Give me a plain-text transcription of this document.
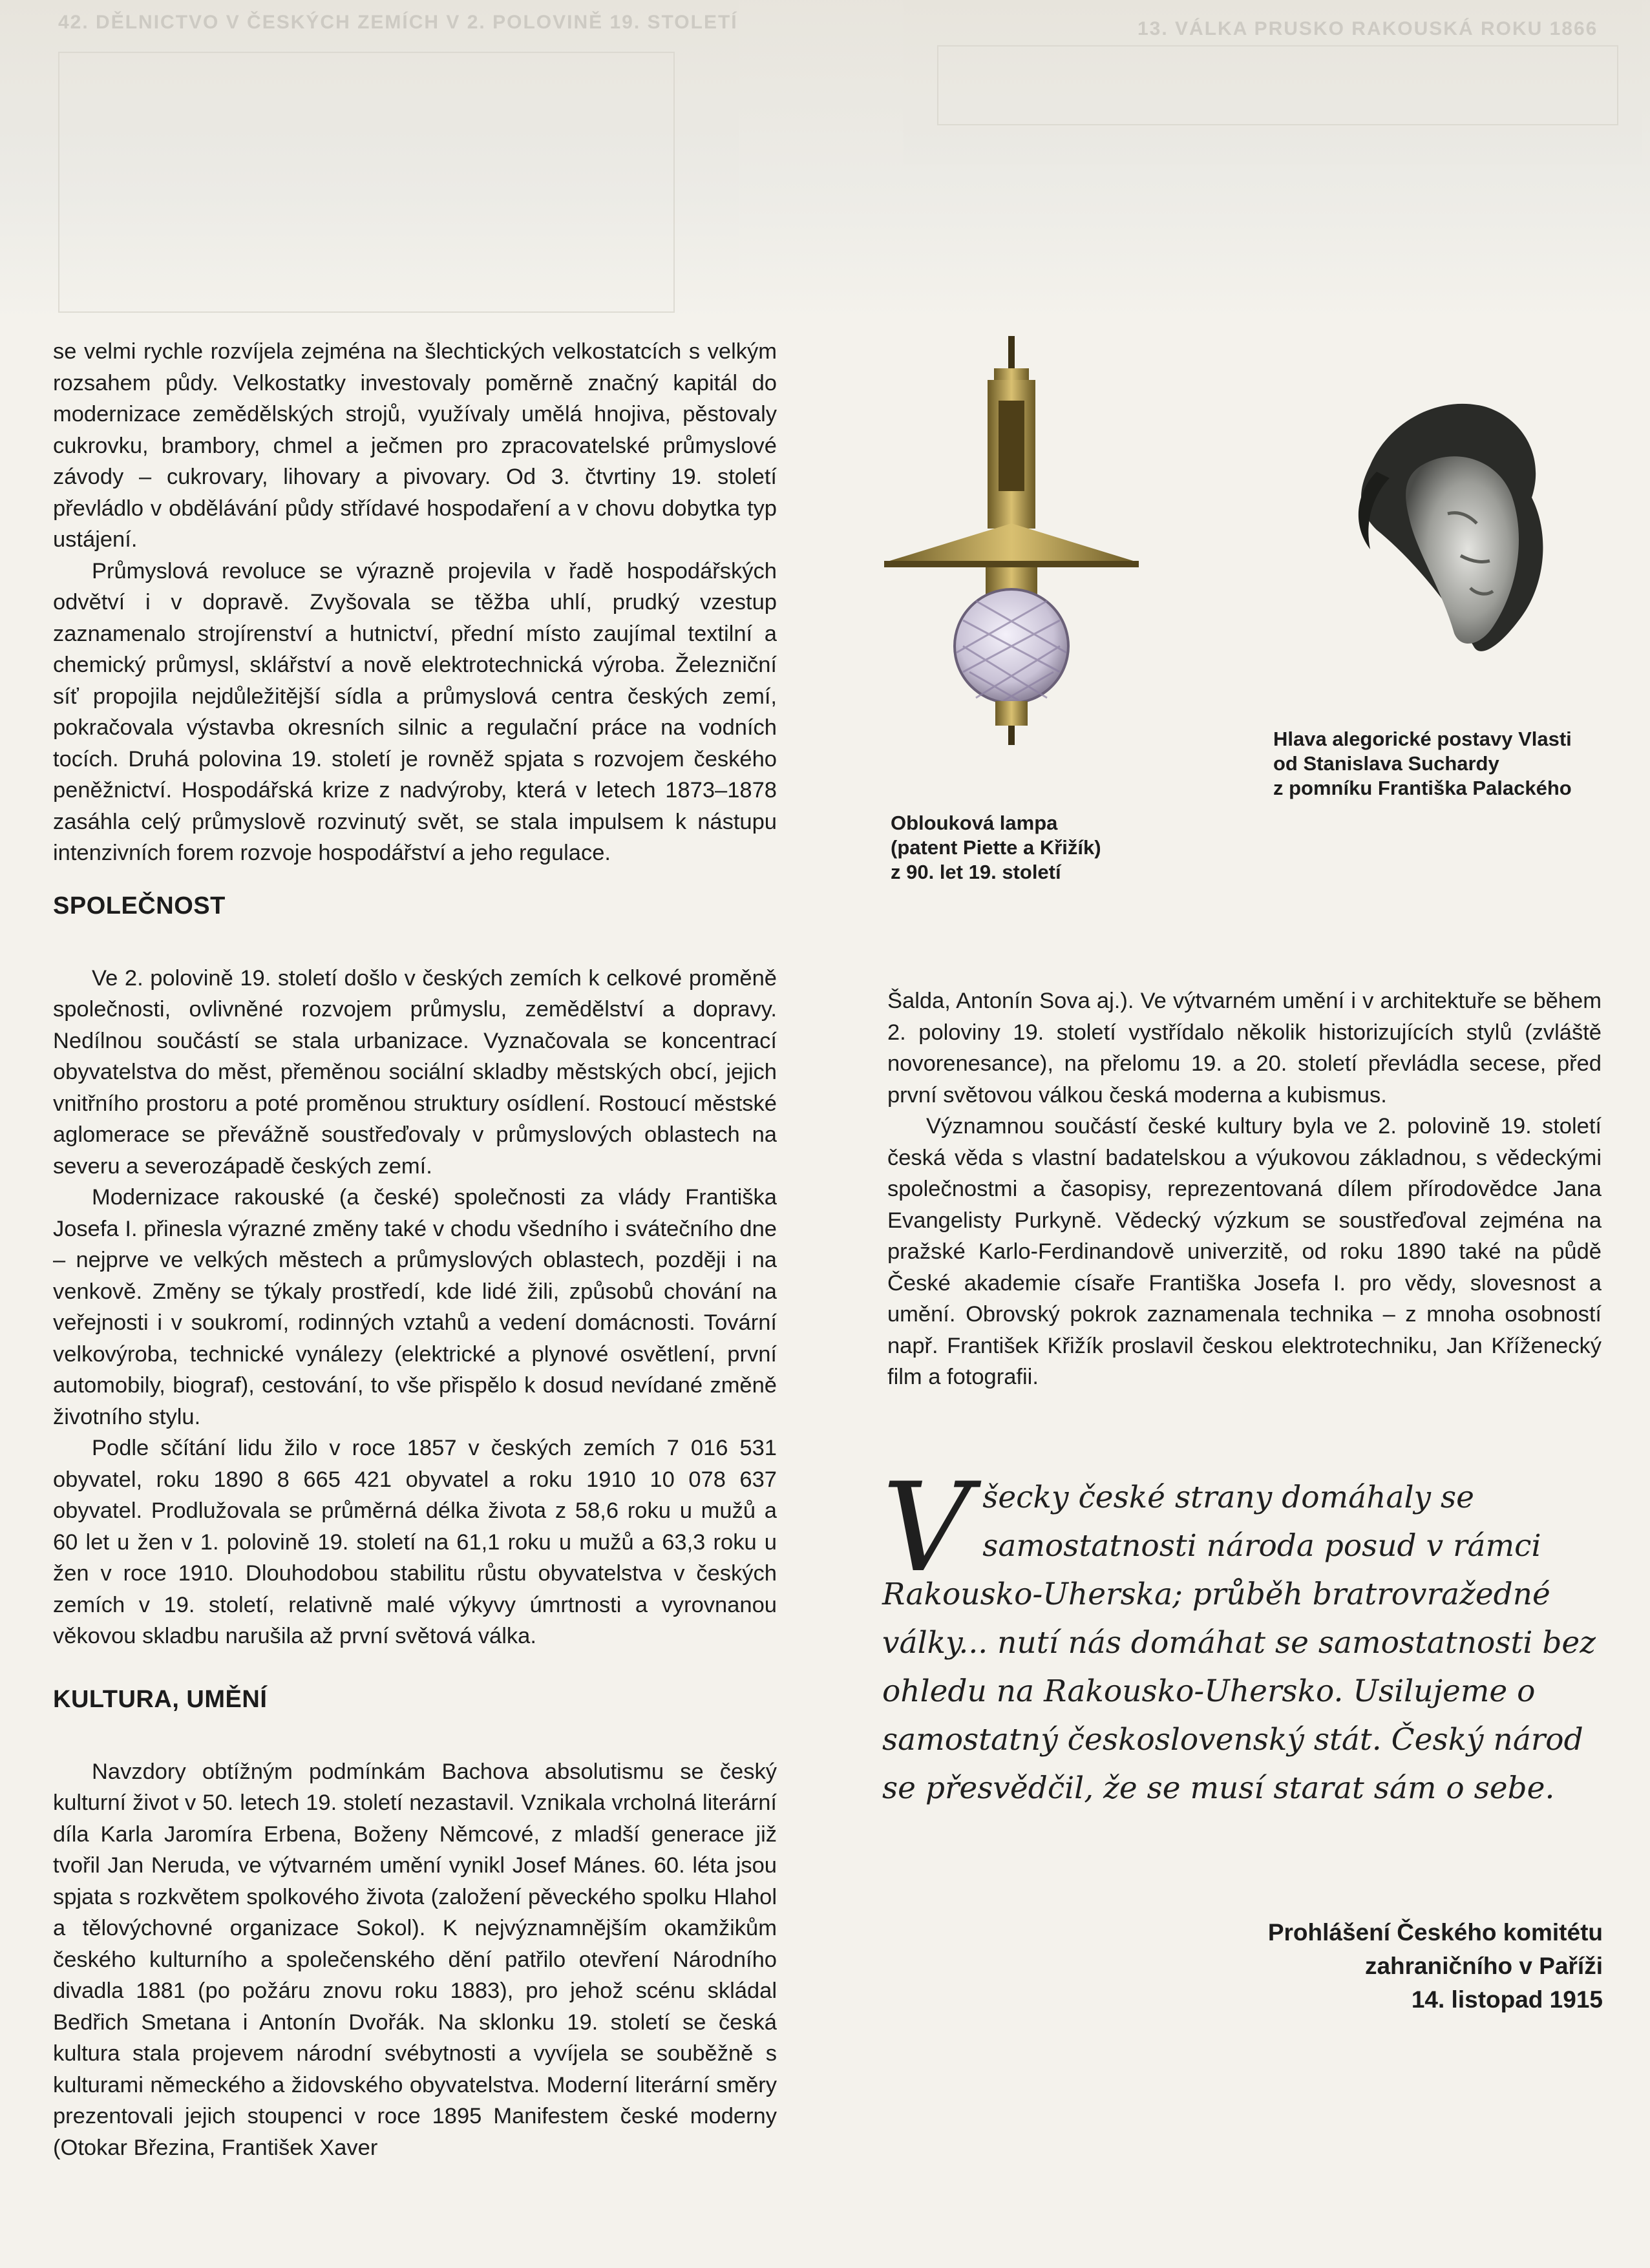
42. DĚLNICTVO V ČESKÝCH ZEMÍCH V 2. POLOVINĚ 19. STOLETÍ	13. VÁLKA PRUSKO RAKOUSKÁ ROKU 1866

se velmi rychle rozvíjela zejména na šlechtických velkostatcích s velkým rozsahem půdy. Velkostatky investovaly poměrně značný kapitál do modernizace zemědělských strojů, využívaly umělá hnojiva, pěstovaly cukrovku, brambory, chmel a ječmen pro zpracovatelské průmyslové závody – cukrovary, lihovary a pivovary. Od 3. čtvrtiny 19. století převládlo v obdělávání půdy střídavé hospodaření a v chovu dobytka typ ustájení.

Průmyslová revoluce se výrazně projevila v řadě hospodářských odvětví i v dopravě. Zvyšovala se těžba uhlí, prudký vzestup zaznamenalo strojírenství a hutnictví, přední místo zaujímal textilní a chemický průmysl, sklářství a nově elektrotechnická výroba. Železniční síť propojila nejdůležitější sídla a průmyslová centra českých zemí, pokračovala výstavba okresních silnic a regulační práce na vodních tocích. Druhá polovina 19. století je rovněž spjata s rozvojem českého peněžnictví. Hospodářská krize z nadvýroby, která v letech 1873–1878 zasáhla celý průmyslově rozvinutý svět, se stala impulsem k nástupu intenzivních forem rozvoje hospodářství a jeho regulace.

SPOLEČNOST

Ve 2. polovině 19. století došlo v českých zemích k celkové proměně společnosti, ovlivněné rozvojem průmyslu, zemědělství a dopravy. Nedílnou součástí se stala urbanizace. Vyznačovala se koncentrací obyvatelstva do měst, přeměnou sociální skladby městských obcí, jejich vnitřního prostoru a poté proměnou struktury osídlení. Rostoucí městské aglomerace se převážně soustřeďovaly v průmyslových oblastech na severu a severozápadě českých zemí.

Modernizace rakouské (a české) společnosti za vlády Františka Josefa I. přinesla výrazné změny také v chodu všedního i svátečního dne – nejprve ve velkých městech a průmyslových oblastech, později i na venkově. Změny se týkaly prostředí, kde lidé žili, způsobů chování na veřejnosti i v soukromí, rodinných vztahů a vedení domácnosti. Tovární velkovýroba, technické vynálezy (elektrické a plynové osvětlení, první automobily, biograf), cestování, to vše přispělo k dosud nevídané změně životního stylu.

Podle sčítání lidu žilo v roce 1857 v českých zemích 7 016 531 obyvatel, roku 1890 8 665 421 obyvatel a roku 1910 10 078 637 obyvatel. Prodlužovala se průměrná délka života z 58,6 roku u mužů a 60 let u žen v 1. polovině 19. století na 61,1 roku u mužů a 63,3 roku u žen v roce 1910. Dlouhodobou stabilitu růstu obyvatelstva v českých zemích v 19. století, relativně malé výkyvy úmrtnosti a vyrovnanou věkovou skladbu narušila až první světová válka.

KULTURA, UMĚNÍ

Navzdory obtížným podmínkám Bachova absolutismu se český kulturní život v 50. letech 19. století nezastavil. Vznikala vrcholná literární díla Karla Jaromíra Erbena, Boženy Němcové, z mladší generace již tvořil Jan Neruda, ve výtvarném umění vynikl Josef Mánes. 60. léta jsou spjata s rozkvětem spolkového života (založení pěveckého spolku Hlahol a tělovýchovné organizace Sokol). K nejvýznamnějším okamžikům českého kulturního a společenského dění patřilo otevření Národního divadla 1881 (po požáru znovu roku 1883), pro jehož scénu skládal Bedřich Smetana i Antonín Dvořák. Na sklonku 19. století se česká kultura stala projevem národní svébytnosti a vyvíjela se souběžně s kulturami německého a židovského obyvatelstva. Moderní literární směry prezentovali jejich stoupenci v roce 1895 Manifestem české moderny (Otokar Březina, František Xaver

Oblouková lampa
(patent Piette a Křižík)
z 90. let 19. století
Hlava alegorické postavy Vlasti
od Stanislava Suchardy
z pomníku Františka Palackého

Šalda, Antonín Sova aj.). Ve výtvarném umění i v architektuře se během 2. poloviny 19. století vystřídalo několik historizujících stylů (zvláště novorenesance), na přelomu 19. a 20. století převládla secese, před první světovou válkou česká moderna a kubismus.

Významnou součástí české kultury byla ve 2. polovině 19. století česká věda s vlastní badatelskou a výukovou základnou, s vědeckými společnostmi a časopisy, reprezentovaná dílem přírodovědce Jana Evangelisty Purkyně. Vědecký výzkum se soustřeďoval zejména na pražské Karlo-Ferdinandově univerzitě, od roku 1890 také na půdě České akademie císaře Františka Josefa I. pro vědy, slovesnost a umění. Obrovský pokrok zaznamenala technika – z mnoha osobností např. František Křižík proslavil českou elektrotechniku, Jan Kříženecký film a fotografii.

V šecky české strany domáhaly se samostatnosti národa posud v rámci Rakousko-Uherska; průběh bratrovražedné války... nutí nás domáhat se samostatnosti bez ohledu na Rakousko-Uhersko. Usilujeme o samostatný československý stát. Český národ se přesvědčil, že se musí starat sám o sebe.
Prohlášení Českého komitétu
zahraničního v Paříži
14. listopad 1915
